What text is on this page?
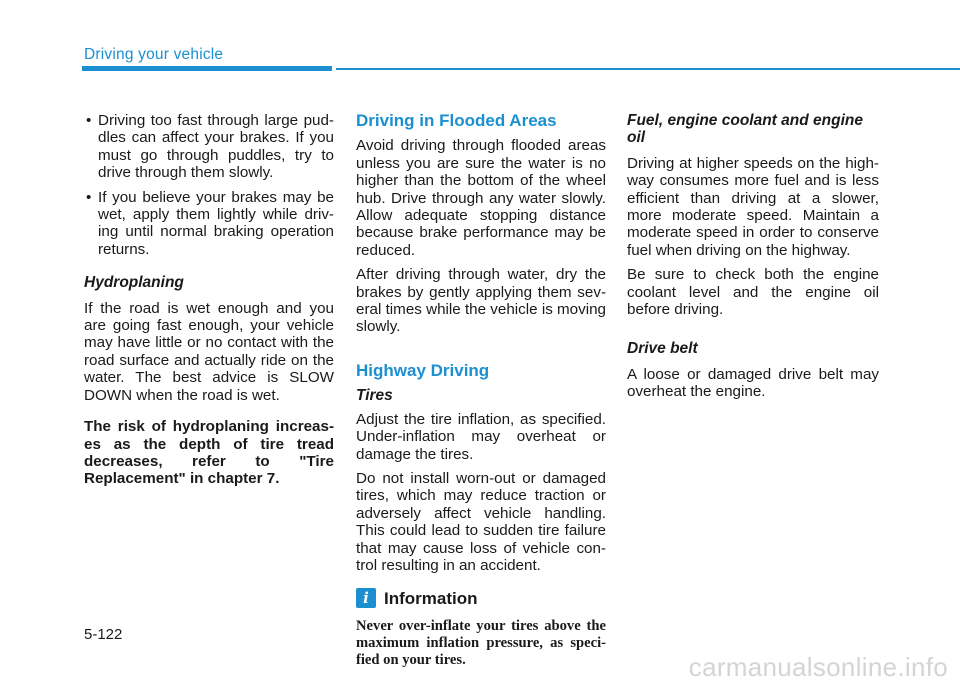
Driving your vehicle
• Driving too fast through large pud-dles can affect your brakes. If you must go through puddles, try to drive through them slowly.
• If you believe your brakes may be wet, apply them lightly while driv-ing until normal braking operation returns.
Hydroplaning

If the road is wet enough and you are going fast enough, your vehicle may have little or no contact with the road surface and actually ride on the water. The best advice is SLOW DOWN when the road is wet.

The risk of hydroplaning increas-es as the depth of tire tread decreases, refer to "Tire Replacement" in chapter 7.

Driving in Flooded Areas

Avoid driving through flooded areas unless you are sure the water is no higher than the bottom of the wheel hub. Drive through any water slowly. Allow adequate stopping distance because brake performance may be reduced.

After driving through water, dry the brakes by gently applying them sev-eral times while the vehicle is moving slowly.

Highway Driving
Tires

Adjust the tire inflation, as specified. Under-inflation may overheat or damage the tires.

Do not install worn-out or damaged tires, which may reduce traction or adversely affect vehicle handling. This could lead to sudden tire failure that may cause loss of vehicle con-trol resulting in an accident.

i Information

Never over-inflate your tires above the maximum inflation pressure, as speci-fied on your tires.

Fuel, engine coolant and engine oil

Driving at higher speeds on the high-way consumes more fuel and is less efficient than driving at a slower, more moderate speed. Maintain a moderate speed in order to conserve fuel when driving on the highway.

Be sure to check both the engine coolant level and the engine oil before driving.

Drive belt

A loose or damaged drive belt may overheat the engine.

5-122
carmanualsonline.info
